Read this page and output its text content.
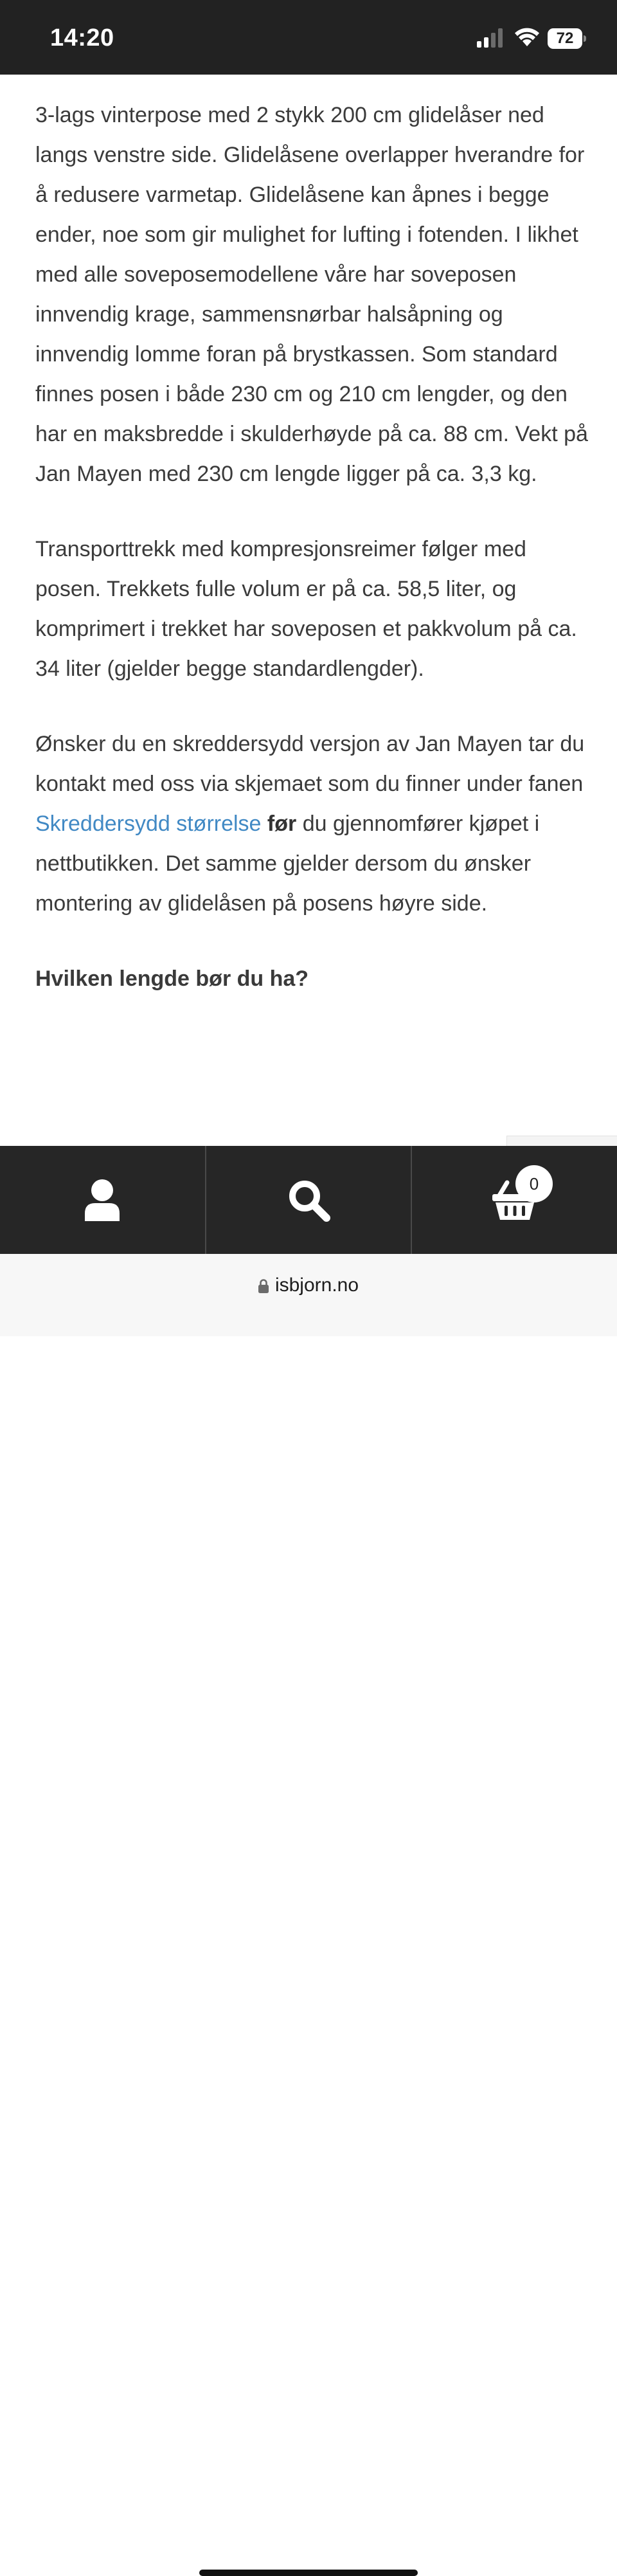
14:20	72

3-lags vinterpose med 2 stykk 200 cm glidelåser ned langs venstre side. Glidelåsene overlapper hverandre for å redusere varmetap. Glidelåsene kan åpnes i begge ender, noe som gir mulighet for lufting i fotenden. I likhet med alle soveposemodellene våre har soveposen innvendig krage, sammensnørbar halsåpning og innvendig lomme foran på brystkassen. Som standard finnes posen i både 230 cm og 210 cm lengder, og den har en maksbredde i skulderhøyde på ca. 88 cm. Vekt på Jan Mayen med 230 cm lengde ligger på ca. 3,3 kg.

Transporttrekk med kompresjonsreimer følger med posen. Trekkets fulle volum er på ca. 58,5 liter, og komprimert i trekket har soveposen et pakkvolum på ca. 34 liter (gjelder begge standardlengder).

Ønsker du en skreddersydd versjon av Jan Mayen tar du kontakt med oss via skjemaet som du finner under fanen Skreddersydd størrelse før du gjennomfører kjøpet i nettbutikken. Det samme gjelder dersom du ønsker montering av glidelåsen på posens høyre side.

Hvilken lengde bør du ha?
0
isbjorn.no
